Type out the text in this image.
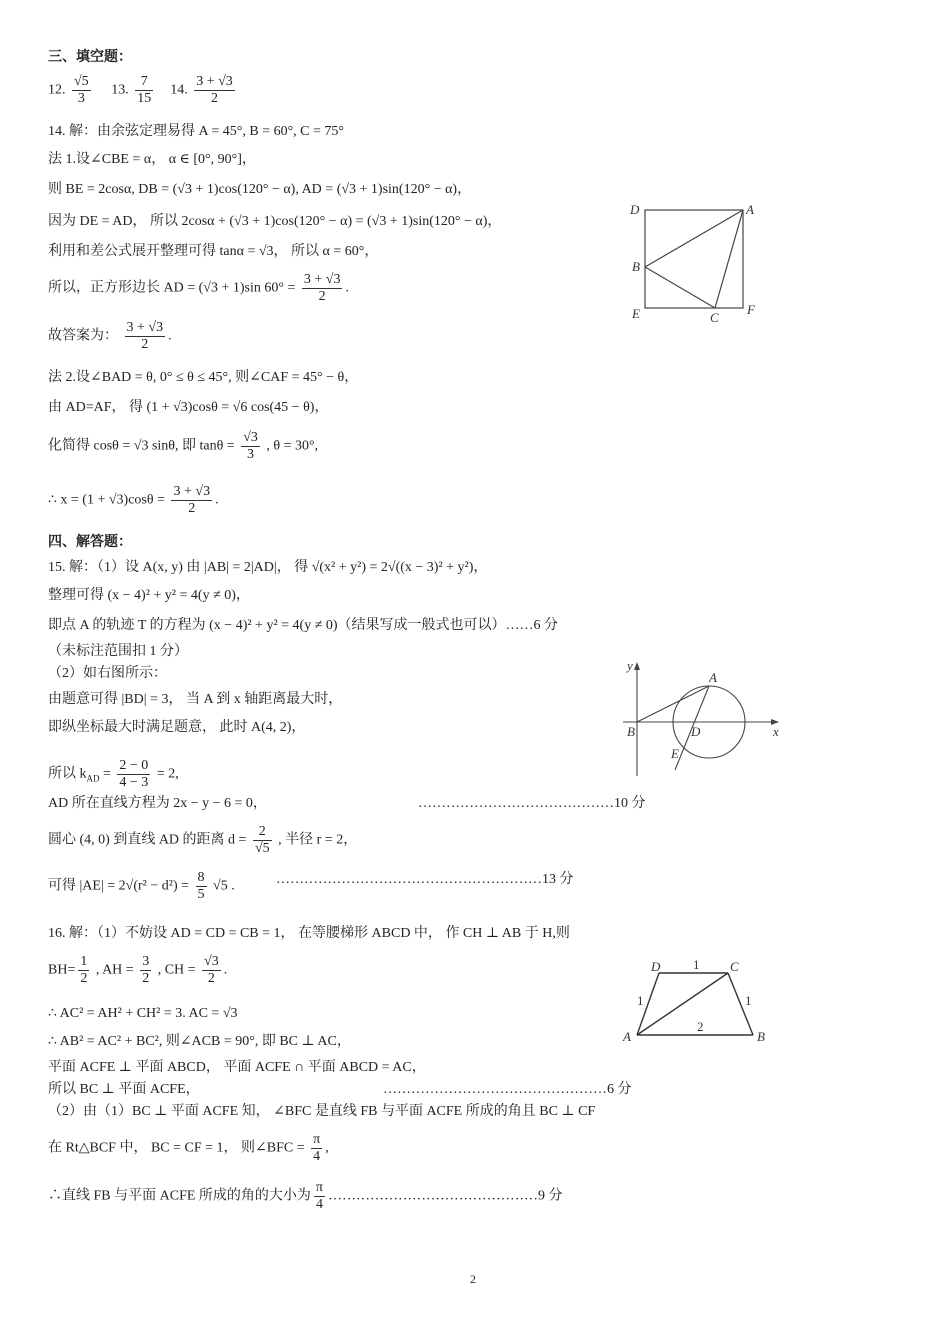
三、填空题：
12. $\frac{√5}{3} 13$. $\frac{7}{15} 14$. $\frac{3 + √3}{2}$
14. 解：由余弦定理易得 A = 45°, B = 60°, C = 75°
法 1.设∠CBE = α， α ∈ [0°, 90°]，
则 BE = 2cosα, DB = (√3 + 1)cos(120° − α), AD = (√3 + 1)sin(120° − α)，
因为 DE = AD， 所以 2cosα + (√3 + 1)cos(120° − α) = (√3 + 1)sin(120° − α)，
利用和差公式展开整理可得 tanα = √3， 所以 α = 60°，
所以，正方形边长 AD = (√3 + 1)sin $60^\circ = \frac{3 + √3}{2}$ .
故答案为： $\frac{3 + √3}{2}$ .
法 2.设∠BAD = θ, 0° ≤ θ ≤ 45°, 则∠CAF = 45° − θ，
由 AD=AF， 得 (1 + √3)cosθ = √6 cos(45 − θ)，
化简得 cosθ = √3 sinθ, 即 $\tan\theta = \frac{√3}{3}$ , θ = 30°,
∴ $x = (1 + √3)\cos\theta = \frac{3 + √3}{2}$ .
D	A
B
E	C
F
四、解答题：
15. 解：（1）设 A(x, y) 由 |AB| = 2|AD|， 得 √(x² + y²) = 2√((x − 3)² + y²)，
整理可得 (x − 4)² + y² = 4(y ≠ 0)，
即点 A 的轨迹 T 的方程为 (x − 4)² + y² = 4(y ≠ 0)（结果写成一般式也可以）……6 分
（未标注范围扣 1 分）
（2）如右图所示：
由题意可得 |BD| = 3， 当 A 到 x 轴距离最大时，
即纵坐标最大时满足题意， 此时 A(4, 2)，
所以 $k_{AD} = \frac{2 - 0}{4 - 3} = 2$,
AD 所在直线方程为 2x − y − 6 = 0，	……………………………………10 分
圆心 (4, 0) 到直线 AD 的距离 $d = \frac{2}{√5}$ , 半径 r = 2，
可得 $|AE| = 2√(r^2 - d^2) = \frac{8}{5} √5$ .	…………………………………………………13 分
y
A
B	D
E
x
16. 解：（1）不妨设 AD = CD = CB = 1， 在等腰梯形 ABCD 中， 作 CH ⊥ AB 于 H,则
$BH= \frac{1}{2}$ , AH = $\frac{3}{2}$ , CH = $\frac{√3}{2}$ .
∴ AC² = AH² + CH² = 3. AC = √3
∴ AB² = AC² + BC², 则∠ACB = 90°, 即 BC ⊥ AC，
平面 ACFE ⊥ 平面 ABCD， 平面 ACFE ∩ 平面 ABCD = AC，
所以 BC ⊥ 平面 ACFE，	…………………………………………6 分
（2）由（1）BC ⊥ 平面 ACFE 知， ∠BFC 是直线 FB 与平面 ACFE 所成的角且 BC ⊥ CF
在 Rt△BCF 中， BC = CF = 1， 则∠BFC = $\frac{\pi}{4}$ ,
∴直线 FB 与平面 ACFE 所成的角的大小为 $\frac{\pi}{4}$ ………………………………………9 分
D	C
A	B
1
1	1
2
2
